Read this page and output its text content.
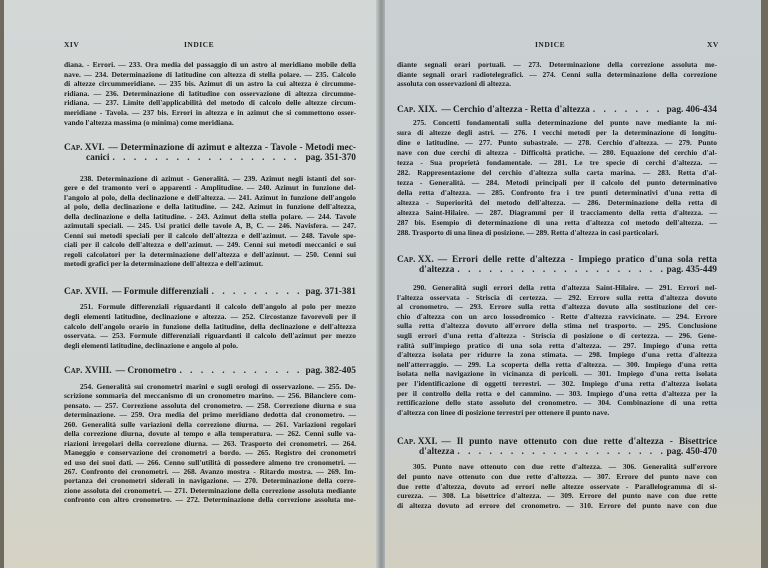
XIV	INDICE
diana. - Errori. — 233. Ora media del passaggio di un astro al meridiano mobile della
nave. — 234. Determinazione di latitudine con altezza di stella polare. — 235. Calcolo
di altezze circummeridiane. — 235 bis. Azimut di un astro la cui altezza è circumme-
ridiana. — 236. Determinazione di latitudine con osservazione di altezza circumme-
ridiana. — 237. Limite dell'applicabilità del metodo di calcolo delle altezze circum-
meridiane - Tavola. — 237 bis. Errori in altezza e in azimut che si commettono osser-
vando l'altezza massima (o minima) come meridiana.
Cap. XVI. — Determinazione di azimut e altezza - Tavole - Metodi mec-
canici . . .	pag. 351-370
238. Determinazione di azimut - Generalità. — 239. Azimut negli istanti del sor-
gere e del tramonto veri o apparenti - Amplitudine. — 240. Azimut in funzione del-
l'angolo al polo, della declinazione e dell'altezza. — 241. Azimut in funzione dell'angolo
al polo, della declinazione e della latitudine. — 242. Azimut in funzione dell'altezza,
della declinazione e della latitudine. - 243. Azimut della stella polare. — 244. Tavole
azimutali speciali. — 245. Usi pratici delle tavole A, B, C. — 246. Navisfera. — 247.
Cenni sui metodi speciali per il calcolo dell'altezza e dell'azimut. — 248. Tavole spe-
ciali per il calcolo dell'altezza e dell'azimut. — 249. Cenni sui metodi meccanici e sui
regoli calcolatori per la determinazione dell'altezza e dell'azimut. — 250. Cenni sui
metodi grafici per la determinazione dell'altezza e dell'azimut.
Cap. XVII. — Formule differenziali . . .	pag. 371-381
251. Formule differenziali riguardanti il calcolo dell'angolo al polo per mezzo
degli elementi latitudine, declinazione e altezza. — 252. Circostanze favorevoli per il
calcolo dell'angolo orario in funzione della latitudine, della declinazione e dell'altezza
osservata. — 253. Formule differenziali riguardanti il calcolo dell'azimut per mezzo
degli elementi latitudine, declinazione e angolo al polo.
Cap. XVIII. — Cronometro . . .	pag. 382-405
254. Generalità sui cronometri marini e sugli orologi di osservazione. — 255. De-
scrizione sommaria del meccanismo di un cronometro marino. — 256. Bilanciere com-
pensato. — 257. Correzione assoluta del cronometro. — 258. Correzione diurna e sua
determinazione. — 259. Ora media del primo meridiano dedotta dal cronometro. —
260. Generalità sulle variazioni della correzione diurna. — 261. Variazioni regolari
della correzione diurna, dovute al tempo e alla temperatura. — 262. Cenni sulle va-
riazioni irregolari della correzione diurna. — 263. Trasporto dei cronometri. — 264.
Maneggio e conservazione dei cronometri a bordo. — 265. Registro dei cronometri
ed uso dei suoi dati. — 266. Cenno sull'utilità di possedere almeno tre cronometri. —
267. Confronto dei cronometri. — 268. Avanzo mostra - Ritardo mostra. — 269. Im-
portanza dei cronometri siderali in navigazione. — 270. Determinazione della corre-
zione assoluta dei cronometri. — 271. Determinazione della correzione assoluta mediante
confronto con altro cronometro. — 272. Determinazione della correzione assoluta me-
INDICE	XV
diante segnali orari portuali. — 273. Determinazione della correzione assoluta me-
diante segnali orari radiotelegrafici. — 274. Cenni sulla determinazione della correzione
assoluta con osservazioni di altezza.
Cap. XIX. — Cerchio d'altezza - Retta d'altezza . . .	pag. 406-434
275. Concetti fondamentali sulla determinazione del punto nave mediante la mi-
sura di altezze degli astri. — 276. I vecchi metodi per la determinazione di longitu-
dine e latitudine. — 277. Punto subastrale. — 278. Cerchio d'altezza. — 279. Punto
nave con due cerchi di altezza - Difficoltà pratiche. — 280. Equazione del cerchio d'al-
tezza - Sua proprietà fondamentale. — 281. Le tre specie di cerchi d'altezza. —
282. Rappresentazione del cerchio d'altezza sulla carta marina. — 283. Retta d'al-
tezza - Generalità. — 284. Metodi principali per il calcolo del punto determinativo
della retta d'altezza. — 285. Confronto fra i tre punti determinativi d'una retta di
altezza - Superiorità del metodo dell'altezza. — 286. Determinazione della retta di
altezza Saint-Hilaire. — 287. Diagrammi per il tracciamento della retta d'altezza. —
287 bis. Esempio di determinazione di una retta d'altezza col metodo dell'altezza. —
288. Trasporto di una linea di posizione. — 289. Retta d'altezza in casi particolari.
Cap. XX. — Errori delle rette d'altezza - Impiego pratico d'una sola retta
d'altezza . . .	pag. 435-449
290. Generalità sugli errori della retta d'altezza Saint-Hilaire. — 291. Errori nel-
l'altezza osservata - Striscia di certezza. — 292. Errore sulla retta d'altezza dovuto
al cronometro. — 293. Errore sulla retta d'altezza dovuto alla sostituzione del cer-
chio d'altezza con un arco lossodromico - Rette d'altezza ravvicinate. — 294. Errore
sulla retta d'altezza dovuto all'errore della stima nel trasporto. — 295. Conclusione
sugli errori d'una retta d'altezza - Striscia di posizione o di certezza. — 296. Gene-
ralità sull'impiego pratico di una sola retta d'altezza. — 297. Impiego d'una retta
d'altezza isolata per ridurre la zona stimata. — 298. Impiego d'una retta d'altezza
nell'atterraggio. — 299. La scoperta della retta d'altezza. — 300. Impiego d'una retta
isolata nella navigazione in vicinanza di pericoli. — 301. Impiego d'una retta isolata
per l'identificazione di oggetti terrestri. — 302. Impiego d'una retta d'altezza isolata
per il controllo della rotta e del cammino. — 303. Impiego d'una retta d'altezza per la
rettificazione dello stato assoluto del cronometro. — 304. Combinazione di una retta
d'altezza con linee di posizione terrestri per ottenere il punto nave.
Cap. XXI. — Il punto nave ottenuto con due rette d'altezza - Bisettrice
d'altezza . . .	pag. 450-470
305. Punto nave ottenuto con due rette d'altezza. — 306. Generalità sull'errore
del punto nave ottenuto con due rette d'altezza. — 307. Errore del punto nave con
due rette d'altezza, dovuto ad errori nelle altezze osservate - Parallelogramma di si-
curezza. — 308. La bisettrice d'altezza. — 309. Errore del punto nave con due rette
di altezza dovuto ad errore del cronometro. — 310. Errore del punto nave con due
